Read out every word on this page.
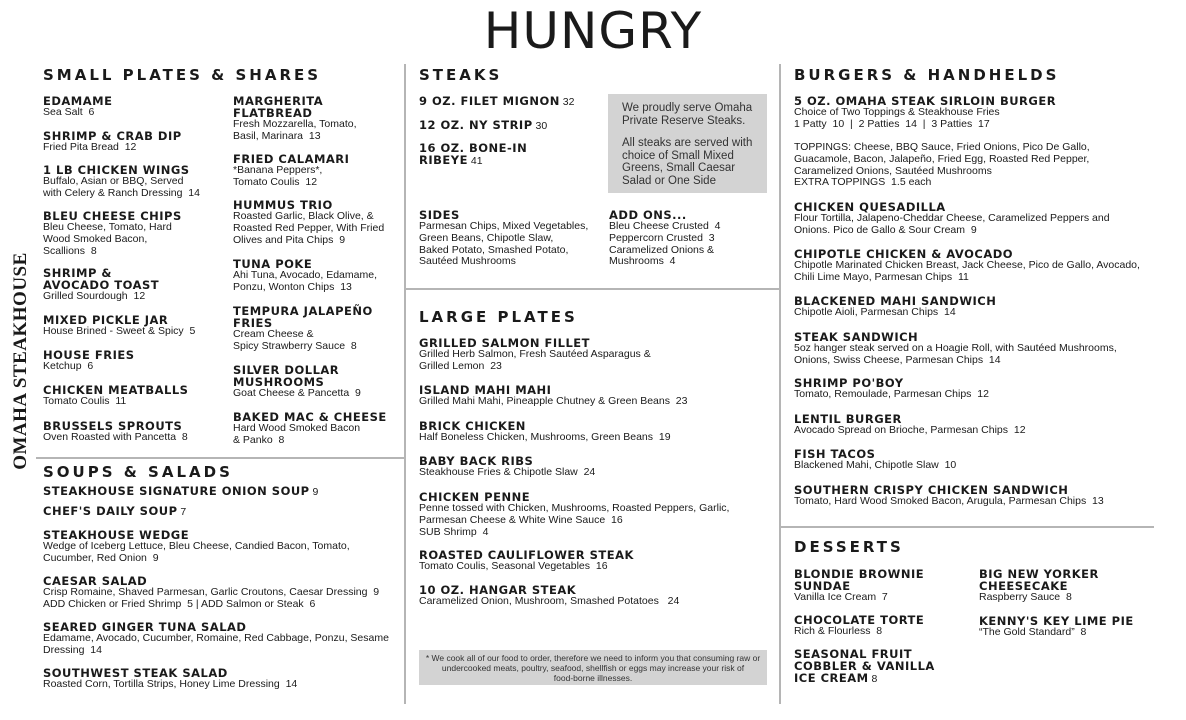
HUNGRY
OMAHA STEAKHOUSE
SMALL PLATES & SHARES
SOUPS & SALADS
STEAKS
LARGE PLATES
BURGERS & HANDHELDS
DESSERTS
We proudly serve Omaha
Private Reserve Steaks.
All steaks are served with
choice of Small Mixed
Greens, Small Caesar
Salad or One Side
SIDES
Parmesan Chips, Mixed Vegetables,
Green Beans, Chipotle Slaw,
Baked Potato, Smashed Potato,
Sautéed Mushrooms
ADD ONS...
Bleu Cheese Crusted  4
Peppercorn Crusted  3
Caramelized Onions &
Mushrooms  4
* We cook all of our food to order, therefore we need to inform you that consuming raw or
undercooked meats, poultry, seafood, shellfish or eggs may increase your risk of
food-borne illnesses.
EDAMAME
Sea Salt  6
SHRIMP & CRAB DIP
Fried Pita Bread  12
1 LB CHICKEN WINGS
Buffalo, Asian or BBQ, Served
with Celery & Ranch Dressing  14
BLEU CHEESE CHIPS
Bleu Cheese, Tomato, Hard
Wood Smoked Bacon,
Scallions  8
SHRIMP &
AVOCADO TOAST
Grilled Sourdough  12
MIXED PICKLE JAR
House Brined - Sweet & Spicy  5
HOUSE FRIES
Ketchup  6
CHICKEN MEATBALLS
Tomato Coulis  11
BRUSSELS SPROUTS
Oven Roasted with Pancetta  8
MARGHERITA
FLATBREAD
Fresh Mozzarella, Tomato,
Basil, Marinara  13
FRIED CALAMARI
*Banana Peppers*,
Tomato Coulis  12
HUMMUS TRIO
Roasted Garlic, Black Olive, &
Roasted Red Pepper, With Fried
Olives and Pita Chips  9
TUNA POKE
Ahi Tuna, Avocado, Edamame,
Ponzu, Wonton Chips  13
TEMPURA JALAPEÑO
FRIES
Cream Cheese &
Spicy Strawberry Sauce  8
SILVER DOLLAR
MUSHROOMS
Goat Cheese & Pancetta  9
BAKED MAC & CHEESE
Hard Wood Smoked Bacon
& Panko  8
STEAKHOUSE SIGNATURE ONION SOUP 9
CHEF'S DAILY SOUP 7
STEAKHOUSE WEDGE
Wedge of Iceberg Lettuce, Bleu Cheese, Candied Bacon, Tomato,
Cucumber, Red Onion  9
CAESAR SALAD
Crisp Romaine, Shaved Parmesan, Garlic Croutons, Caesar Dressing  9
ADD Chicken or Fried Shrimp  5 | ADD Salmon or Steak  6
SEARED GINGER TUNA SALAD
Edamame, Avocado, Cucumber, Romaine, Red Cabbage, Ponzu, Sesame
Dressing  14
SOUTHWEST STEAK SALAD
Roasted Corn, Tortilla Strips, Honey Lime Dressing  14
9 OZ. FILET MIGNON 32
12 OZ. NY STRIP 30
16 OZ. BONE-IN
RIBEYE 41
GRILLED SALMON FILLET
Grilled Herb Salmon, Fresh Sautéed Asparagus &
Grilled Lemon  23
ISLAND MAHI MAHI
Grilled Mahi Mahi, Pineapple Chutney & Green Beans  23
BRICK CHICKEN
Half Boneless Chicken, Mushrooms, Green Beans  19
BABY BACK RIBS
Steakhouse Fries & Chipotle Slaw  24
CHICKEN PENNE
Penne tossed with Chicken, Mushrooms, Roasted Peppers, Garlic,
Parmesan Cheese & White Wine Sauce  16
SUB Shrimp  4
ROASTED CAULIFLOWER STEAK
Tomato Coulis, Seasonal Vegetables  16
10 OZ. HANGAR STEAK
Caramelized Onion, Mushroom, Smashed Potatoes   24
5 OZ. OMAHA STEAK SIRLOIN BURGER
Choice of Two Toppings & Steakhouse Fries
1 Patty  10  |  2 Patties  14  |  3 Patties  17
TOPPINGS: Cheese, BBQ Sauce, Fried Onions, Pico De Gallo,
Guacamole, Bacon, Jalapeño, Fried Egg, Roasted Red Pepper,
Caramelized Onions, Sautéed Mushrooms
EXTRA TOPPINGS  1.5 each
CHICKEN QUESADILLA
Flour Tortilla, Jalapeno-Cheddar Cheese, Caramelized Peppers and
Onions. Pico de Gallo & Sour Cream  9
CHIPOTLE CHICKEN & AVOCADO
Chipotle Marinated Chicken Breast, Jack Cheese, Pico de Gallo, Avocado,
Chili Lime Mayo, Parmesan Chips  11
BLACKENED MAHI SANDWICH
Chipotle Aioli, Parmesan Chips  14
STEAK SANDWICH
5oz hanger steak served on a Hoagie Roll, with Sautéed Mushrooms,
Onions, Swiss Cheese, Parmesan Chips  14
SHRIMP PO'BOY
Tomato, Remoulade, Parmesan Chips  12
LENTIL BURGER
Avocado Spread on Brioche, Parmesan Chips  12
FISH TACOS
Blackened Mahi, Chipotle Slaw  10
SOUTHERN CRISPY CHICKEN SANDWICH
Tomato, Hard Wood Smoked Bacon, Arugula, Parmesan Chips  13
BLONDIE BROWNIE
SUNDAE
Vanilla Ice Cream  7
CHOCOLATE TORTE
Rich & Flourless  8
SEASONAL FRUIT
COBBLER & VANILLA
ICE CREAM 8
BIG NEW YORKER
CHEESECAKE
Raspberry Sauce  8
KENNY'S KEY LIME PIE
“The Gold Standard”  8
